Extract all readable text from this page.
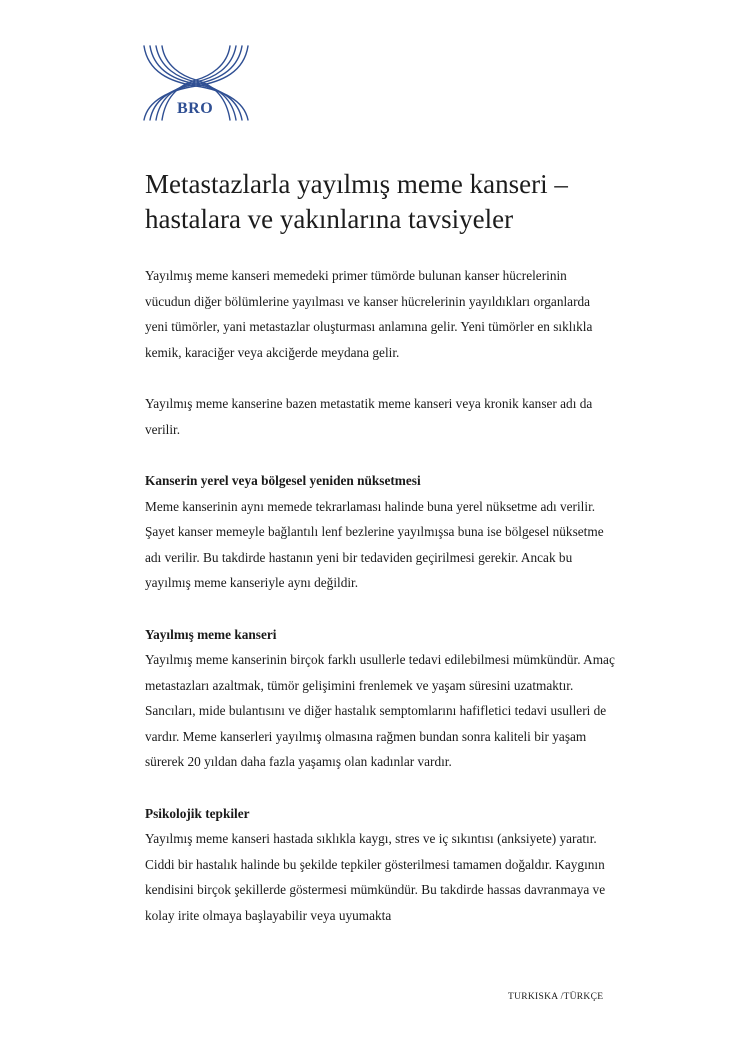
BRO
Metastazlarla yayılmış meme kanseri – hastalara ve yakınlarına tavsiyeler

Yayılmış meme kanseri memedeki primer tümörde bulunan kanser hücrelerinin vücudun diğer bölümlerine yayılması ve kanser hücrelerinin yayıldıkları organlarda yeni tümörler, yani metastazlar oluşturması anlamına gelir. Yeni tümörler en sıklıkla kemik, karaciğer veya akciğerde meydana gelir.

Yayılmış meme kanserine bazen metastatik meme kanseri veya kronik kanser adı da verilir.

Kanserin yerel veya bölgesel yeniden nüksetmesi

Meme kanserinin aynı memede tekrarlaması halinde buna yerel nüksetme adı verilir. Şayet kanser memeyle bağlantılı lenf bezlerine yayılmışsa buna ise bölgesel nüksetme adı verilir. Bu takdirde hastanın yeni bir tedaviden geçirilmesi gerekir. Ancak bu yayılmış meme kanseriyle aynı değildir.

Yayılmış meme kanseri

Yayılmış meme kanserinin birçok farklı usullerle tedavi edilebilmesi mümkündür. Amaç metastazları azaltmak, tümör gelişimini frenlemek ve yaşam süresini uzatmaktır. Sancıları, mide bulantısını ve diğer hastalık semptomlarını hafifletici tedavi usulleri de vardır. Meme kanserleri yayılmış olmasına rağmen bundan sonra kaliteli bir yaşam sürerek 20 yıldan daha fazla yaşamış olan kadınlar vardır.

Psikolojik tepkiler

Yayılmış meme kanseri hastada sıklıkla kaygı, stres ve iç sıkıntısı (anksiyete) yaratır. Ciddi bir hastalık halinde bu şekilde tepkiler gösterilmesi tamamen doğaldır. Kaygının kendisini birçok şekillerde göstermesi mümkündür. Bu takdirde hassas davranmaya ve kolay irite olmaya başlayabilir veya uyumakta

TURKISKA /TÜRKÇE
